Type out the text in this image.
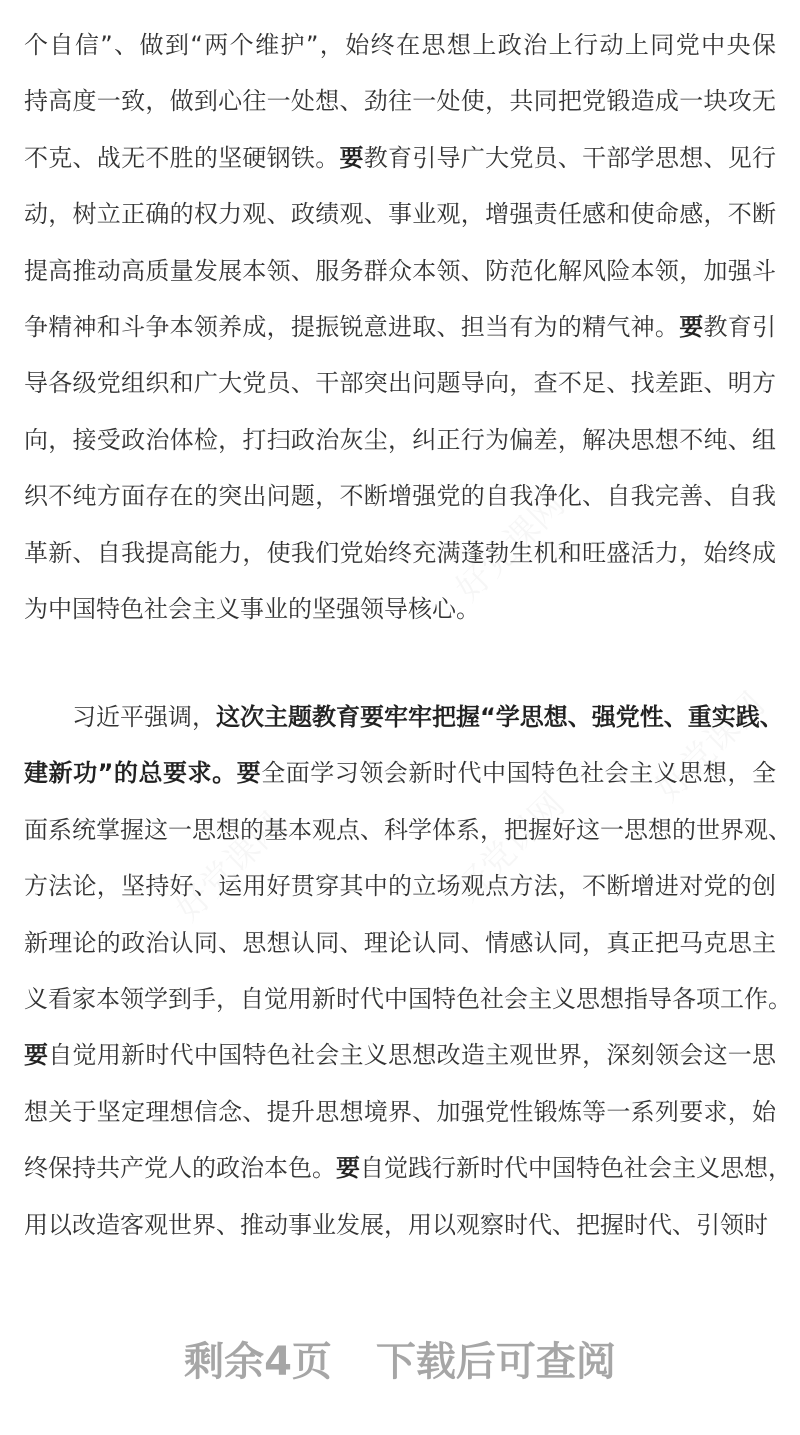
个自信”、做到“两个维护”，始终在思想上政治上行动上同党中央保
持高度一致，做到心往一处想、劲往一处使，共同把党锻造成一块攻无
不克、战无不胜的坚硬钢铁。要教育引导广大党员、干部学思想、见行
动，树立正确的权力观、政绩观、事业观，增强责任感和使命感，不断
提高推动高质量发展本领、服务群众本领、防范化解风险本领，加强斗
争精神和斗争本领养成，提振锐意进取、担当有为的精气神。要教育引
导各级党组织和广大党员、干部突出问题导向，查不足、找差距、明方
向，接受政治体检，打扫政治灰尘，纠正行为偏差，解决思想不纯、组
织不纯方面存在的突出问题，不断增强党的自我净化、自我完善、自我
革新、自我提高能力，使我们党始终充满蓬勃生机和旺盛活力，始终成
为中国特色社会主义事业的坚强领导核心。
习近平强调，这次主题教育要牢牢把握“学思想、强党性、重实践、
建新功”的总要求。要全面学习领会新时代中国特色社会主义思想，全
面系统掌握这一思想的基本观点、科学体系，把握好这一思想的世界观、
方法论，坚持好、运用好贯穿其中的立场观点方法，不断增进对党的创
新理论的政治认同、思想认同、理论认同、情感认同，真正把马克思主
义看家本领学到手，自觉用新时代中国特色社会主义思想指导各项工作。
要自觉用新时代中国特色社会主义思想改造主观世界，深刻领会这一思
想关于坚定理想信念、提升思想境界、加强党性锻炼等一系列要求，始
终保持共产党人的政治本色。要自觉践行新时代中国特色社会主义思想，
用以改造客观世界、推动事业发展，用以观察时代、把握时代、引领时
剩余4页 下载后可查阅
